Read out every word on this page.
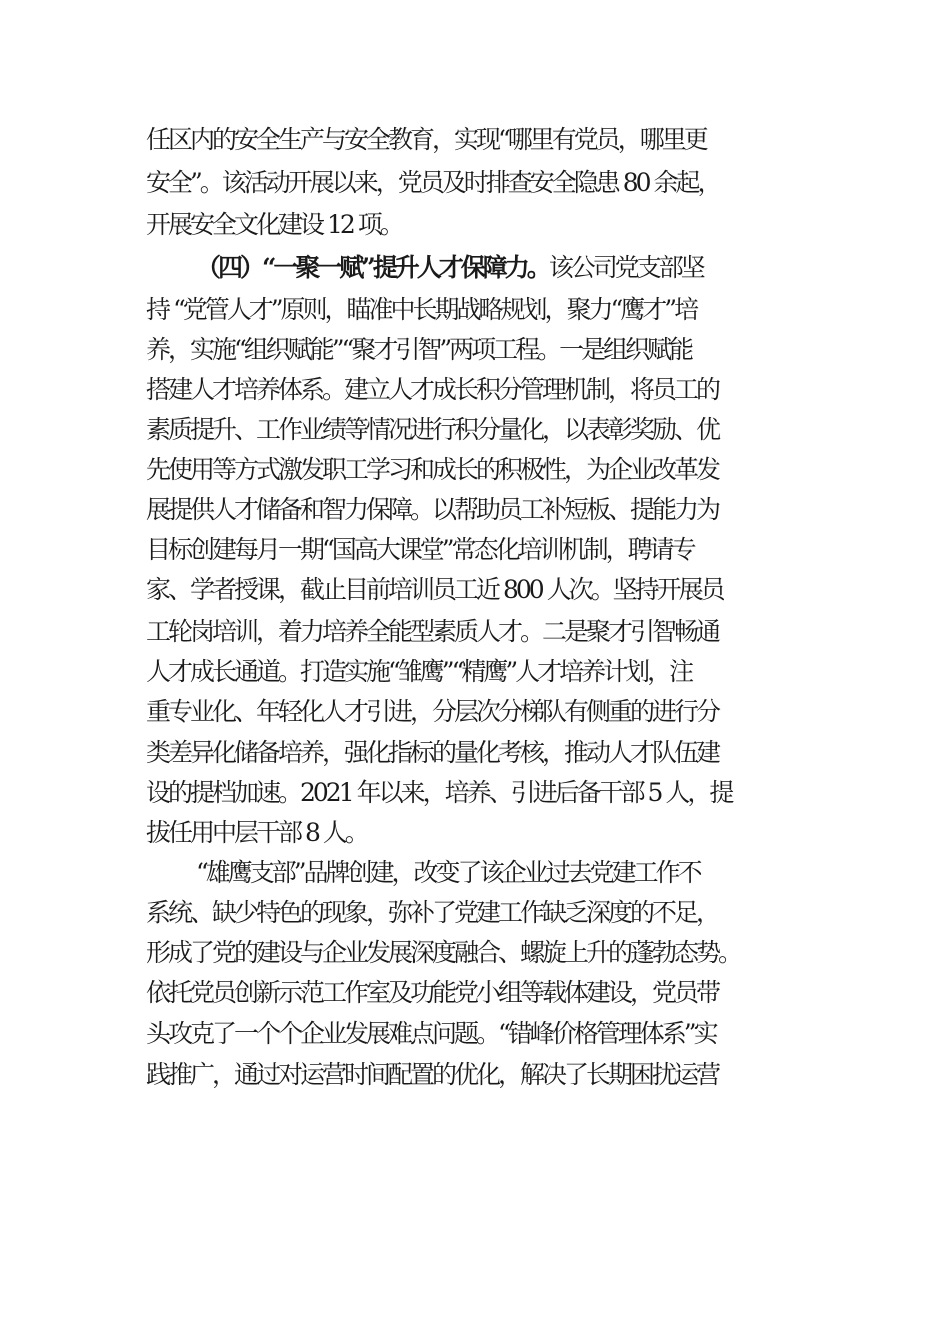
任区内的安全生产与安全教育，实现“哪里有党员，哪里更
安全”。该活动开展以来，党员及时排查安全隐患 80 余起，
开展安全文化建设 12 项。
（四）“一聚一赋”提升人才保障力。该公司党支部坚
持 “党管人才”原则，瞄准中长期战略规划，聚力“鹰才”培
养，实施“组织赋能”“聚才引智”两项工程。一是组织赋能
搭建人才培养体系。建立人才成长积分管理机制，将员工的
素质提升、工作业绩等情况进行积分量化，以表彰奖励、优
先使用等方式激发职工学习和成长的积极性，为企业改革发
展提供人才储备和智力保障。以帮助员工补短板、提能力为
目标创建每月一期“国高大课堂”常态化培训机制，聘请专
家、学者授课，截止目前培训员工近 800 人次。坚持开展员
工轮岗培训，着力培养全能型素质人才。二是聚才引智畅通
人才成长通道。打造实施“雏鹰”“精鹰”人才培养计划，注
重专业化、年轻化人才引进，分层次分梯队有侧重的进行分
类差异化储备培养，强化指标的量化考核，推动人才队伍建
设的提档加速。2021 年以来，培养、引进后备干部 5 人，提
拔任用中层干部 8 人。
“雄鹰支部”品牌创建，改变了该企业过去党建工作不
系统、缺少特色的现象，弥补了党建工作缺乏深度的不足，
形成了党的建设与企业发展深度融合、螺旋上升的蓬勃态势。
依托党员创新示范工作室及功能党小组等载体建设，党员带
头攻克了一个个企业发展难点问题。“错峰价格管理体系”实
践推广，通过对运营时间配置的优化，解决了长期困扰运营
